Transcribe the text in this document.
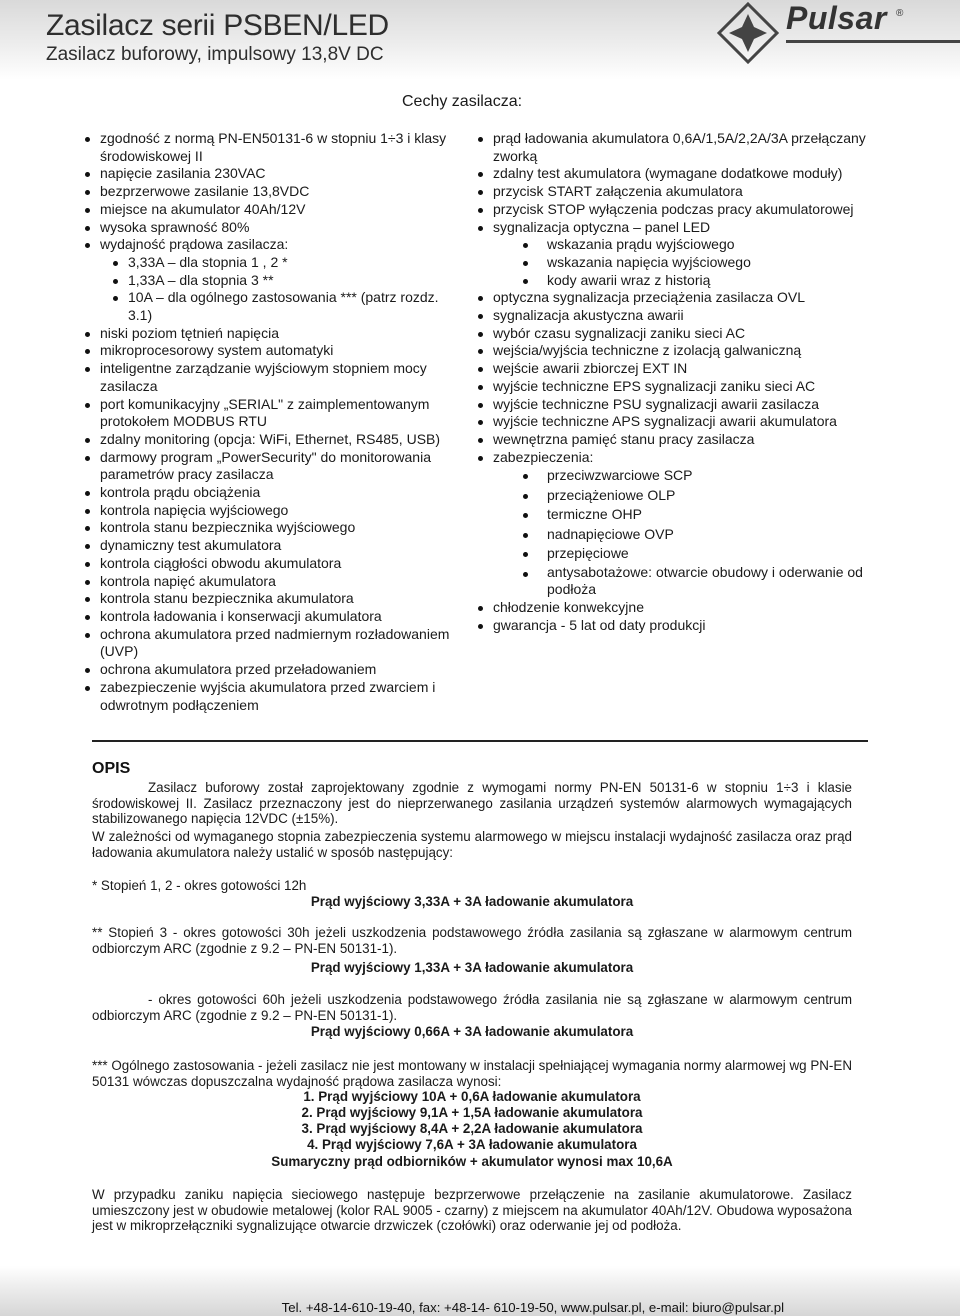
Zasilacz serii PSBEN/LED
Zasilacz buforowy, impulsowy 13,8V DC
Pulsar ®
Cechy zasilacza:
zgodność z normą PN-EN50131-6 w stopniu 1÷3 i klasy środowiskowej II
napięcie zasilania 230VAC
bezprzerwowe zasilanie 13,8VDC
miejsce na akumulator 40Ah/12V
wysoka sprawność 80%
wydajność prądowa zasilacza:
3,33A – dla stopnia 1 , 2 *
1,33A – dla stopnia 3 **
10A – dla ogólnego zastosowania *** (patrz rozdz. 3.1)
niski poziom tętnień napięcia
mikroprocesorowy system automatyki
inteligentne zarządzanie wyjściowym stopniem mocy zasilacza
port komunikacyjny „SERIAL" z zaimplementowanym protokołem MODBUS RTU
zdalny monitoring (opcja: WiFi, Ethernet, RS485, USB)
darmowy program „PowerSecurity" do monitorowania parametrów pracy zasilacza
kontrola prądu obciążenia
kontrola napięcia wyjściowego
kontrola stanu bezpiecznika wyjściowego
dynamiczny test akumulatora
kontrola ciągłości obwodu akumulatora
kontrola napięć akumulatora
kontrola stanu bezpiecznika akumulatora
kontrola ładowania i konserwacji akumulatora
ochrona akumulatora przed nadmiernym rozładowaniem (UVP)
ochrona akumulatora przed przeładowaniem
zabezpieczenie wyjścia akumulatora przed zwarciem i odwrotnym podłączeniem
prąd ładowania akumulatora 0,6A/1,5A/2,2A/3A przełączany zworką
zdalny test akumulatora (wymagane dodatkowe moduły)
przycisk START załączenia akumulatora
przycisk STOP wyłączenia podczas pracy akumulatorowej
sygnalizacja optyczna – panel LED
wskazania prądu wyjściowego
wskazania napięcia wyjściowego
kody awarii wraz z historią
optyczna sygnalizacja przeciążenia zasilacza OVL
sygnalizacja akustyczna awarii
wybór czasu sygnalizacji zaniku sieci AC
wejścia/wyjścia techniczne z izolacją galwaniczną
wejście awarii zbiorczej EXT IN
wyjście techniczne EPS sygnalizacji zaniku sieci AC
wyjście techniczne PSU sygnalizacji awarii zasilacza
wyjście techniczne APS sygnalizacji awarii akumulatora
wewnętrzna pamięć stanu pracy zasilacza
zabezpieczenia:
przeciwzwarciowe SCP
przeciążeniowe OLP
termiczne OHP
nadnapięciowe OVP
przepięciowe
antysabotażowe: otwarcie obudowy i oderwanie od podłoża
chłodzenie konwekcyjne
gwarancja - 5 lat od daty produkcji
OPIS
Zasilacz buforowy został zaprojektowany zgodnie z wymogami normy PN-EN 50131-6 w stopniu 1÷3 i klasie środowiskowej II. Zasilacz przeznaczony jest do nieprzerwanego zasilania urządzeń systemów alarmowych wymagających stabilizowanego napięcia 12VDC (±15%).
W zależności od wymaganego stopnia zabezpieczenia systemu alarmowego w miejscu instalacji wydajność zasilacza oraz prąd ładowania akumulatora należy ustalić w sposób następujący:
* Stopień 1, 2 - okres gotowości 12h
Prąd wyjściowy 3,33A + 3A ładowanie akumulatora
** Stopień 3 - okres gotowości 30h jeżeli uszkodzenia podstawowego źródła zasilania są zgłaszane w alarmowym centrum odbiorczym ARC (zgodnie z 9.2 – PN-EN 50131-1).
Prąd wyjściowy 1,33A + 3A ładowanie akumulatora
- okres gotowości 60h jeżeli uszkodzenia podstawowego źródła zasilania nie są zgłaszane w alarmowym centrum odbiorczym ARC (zgodnie z 9.2 – PN-EN 50131-1).
Prąd wyjściowy 0,66A + 3A ładowanie akumulatora
*** Ogólnego zastosowania - jeżeli zasilacz nie jest montowany w instalacji spełniającej wymagania normy alarmowej wg PN-EN 50131 wówczas dopuszczalna wydajność prądowa zasilacza wynosi:
1. Prąd wyjściowy 10A + 0,6A ładowanie akumulatora
2. Prąd wyjściowy 9,1A + 1,5A ładowanie akumulatora
3. Prąd wyjściowy 8,4A + 2,2A ładowanie akumulatora
4. Prąd wyjściowy 7,6A + 3A ładowanie akumulatora
Sumaryczny prąd odbiorników + akumulator wynosi max 10,6A
W przypadku zaniku napięcia sieciowego następuje bezprzerwowe przełączenie na zasilanie akumulatorowe. Zasilacz umieszczony jest w obudowie metalowej (kolor RAL 9005 - czarny) z miejscem na akumulator 40Ah/12V. Obudowa wyposażona jest w mikroprzełączniki sygnalizujące otwarcie drzwiczek (czołówki) oraz oderwanie jej od podłoża.
Tel. +48-14-610-19-40, fax: +48-14- 610-19-50, www.pulsar.pl, e-mail: biuro@pulsar.pl
